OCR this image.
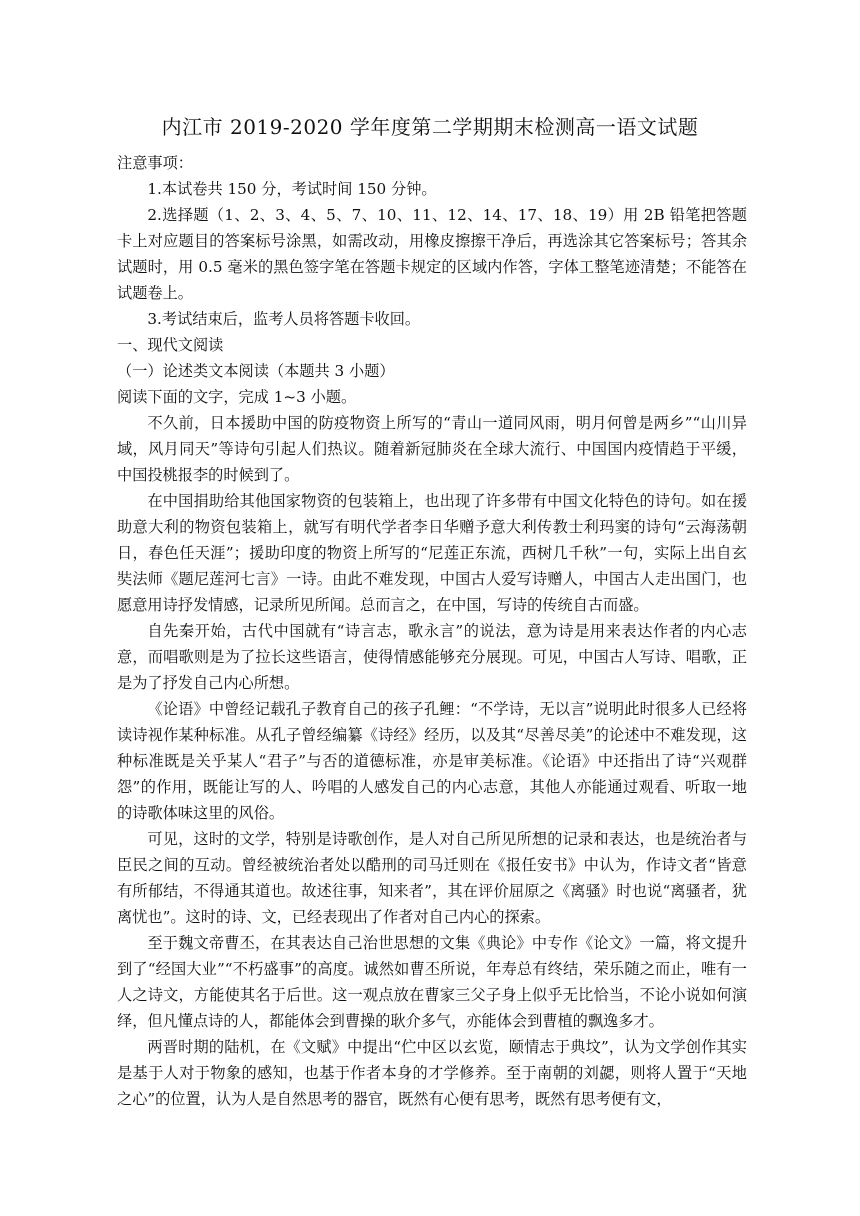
内江市 2019-2020 学年度第二学期期末检测高一语文试题

注意事项：

1.本试卷共 150 分，考试时间 150 分钟。

2.选择题（1、2、3、4、5、7、10、11、12、14、17、18、19）用 2B 铅笔把答题卡上对应题目的答案标号涂黑，如需改动，用橡皮擦擦干净后，再选涂其它答案标号；答其余试题时，用 0.5 毫米的黑色签字笔在答题卡规定的区域内作答，字体工整笔迹清楚；不能答在试题卷上。

3.考试结束后，监考人员将答题卡收回。

一、现代文阅读

（一）论述类文本阅读（本题共 3 小题）

阅读下面的文字，完成 1~3 小题。

不久前，日本援助中国的防疫物资上所写的“青山一道同风雨，明月何曾是两乡”“山川异域，风月同天”等诗句引起人们热议。随着新冠肺炎在全球大流行、中国国内疫情趋于平缓，中国投桃报李的时候到了。

在中国捐助给其他国家物资的包装箱上，也出现了许多带有中国文化特色的诗句。如在援助意大利的物资包装箱上，就写有明代学者李日华赠予意大利传教士利玛窦的诗句“云海荡朝日，春色任天涯”；援助印度的物资上所写的“尼莲正东流，西树几千秋”一句，实际上出自玄奘法师《题尼莲河七言》一诗。由此不难发现，中国古人爱写诗赠人，中国古人走出国门，也愿意用诗抒发情感，记录所见所闻。总而言之，在中国，写诗的传统自古而盛。

自先秦开始，古代中国就有“诗言志，歌永言”的说法，意为诗是用来表达作者的内心志意，而唱歌则是为了拉长这些语言，使得情感能够充分展现。可见，中国古人写诗、唱歌，正是为了抒发自己内心所想。

《论语》中曾经记载孔子教育自己的孩子孔鲤：“不学诗，无以言”说明此时很多人已经将读诗视作某种标准。从孔子曾经编纂《诗经》经历，以及其“尽善尽美”的论述中不难发现，这种标准既是关乎某人“君子”与否的道德标准，亦是审美标准。《论语》中还指出了诗“兴观群怨”的作用，既能让写的人、吟唱的人感发自己的内心志意，其他人亦能通过观看、听取一地的诗歌体味这里的风俗。

可见，这时的文学，特别是诗歌创作，是人对自己所见所想的记录和表达，也是统治者与臣民之间的互动。曾经被统治者处以酷刑的司马迁则在《报任安书》中认为，作诗文者“皆意有所郁结，不得通其道也。故述往事，知来者”，其在评价屈原之《离骚》时也说“离骚者，犹离忧也”。这时的诗、文，已经表现出了作者对自己内心的探索。

至于魏文帝曹丕，在其表达自己治世思想的文集《典论》中专作《论文》一篇，将文提升到了“经国大业”“不朽盛事”的高度。诚然如曹丕所说，年寿总有终结，荣乐随之而止，唯有一人之诗文，方能使其名于后世。这一观点放在曹家三父子身上似乎无比恰当，不论小说如何演绎，但凡懂点诗的人，都能体会到曹操的耿介多气，亦能体会到曹植的飘逸多才。

两晋时期的陆机，在《文赋》中提出“伫中区以玄览，颐情志于典坟”，认为文学创作其实是基于人对于物象的感知，也基于作者本身的才学修养。至于南朝的刘勰，则将人置于“天地之心”的位置，认为人是自然思考的器官，既然有心便有思考，既然有思考便有文，
